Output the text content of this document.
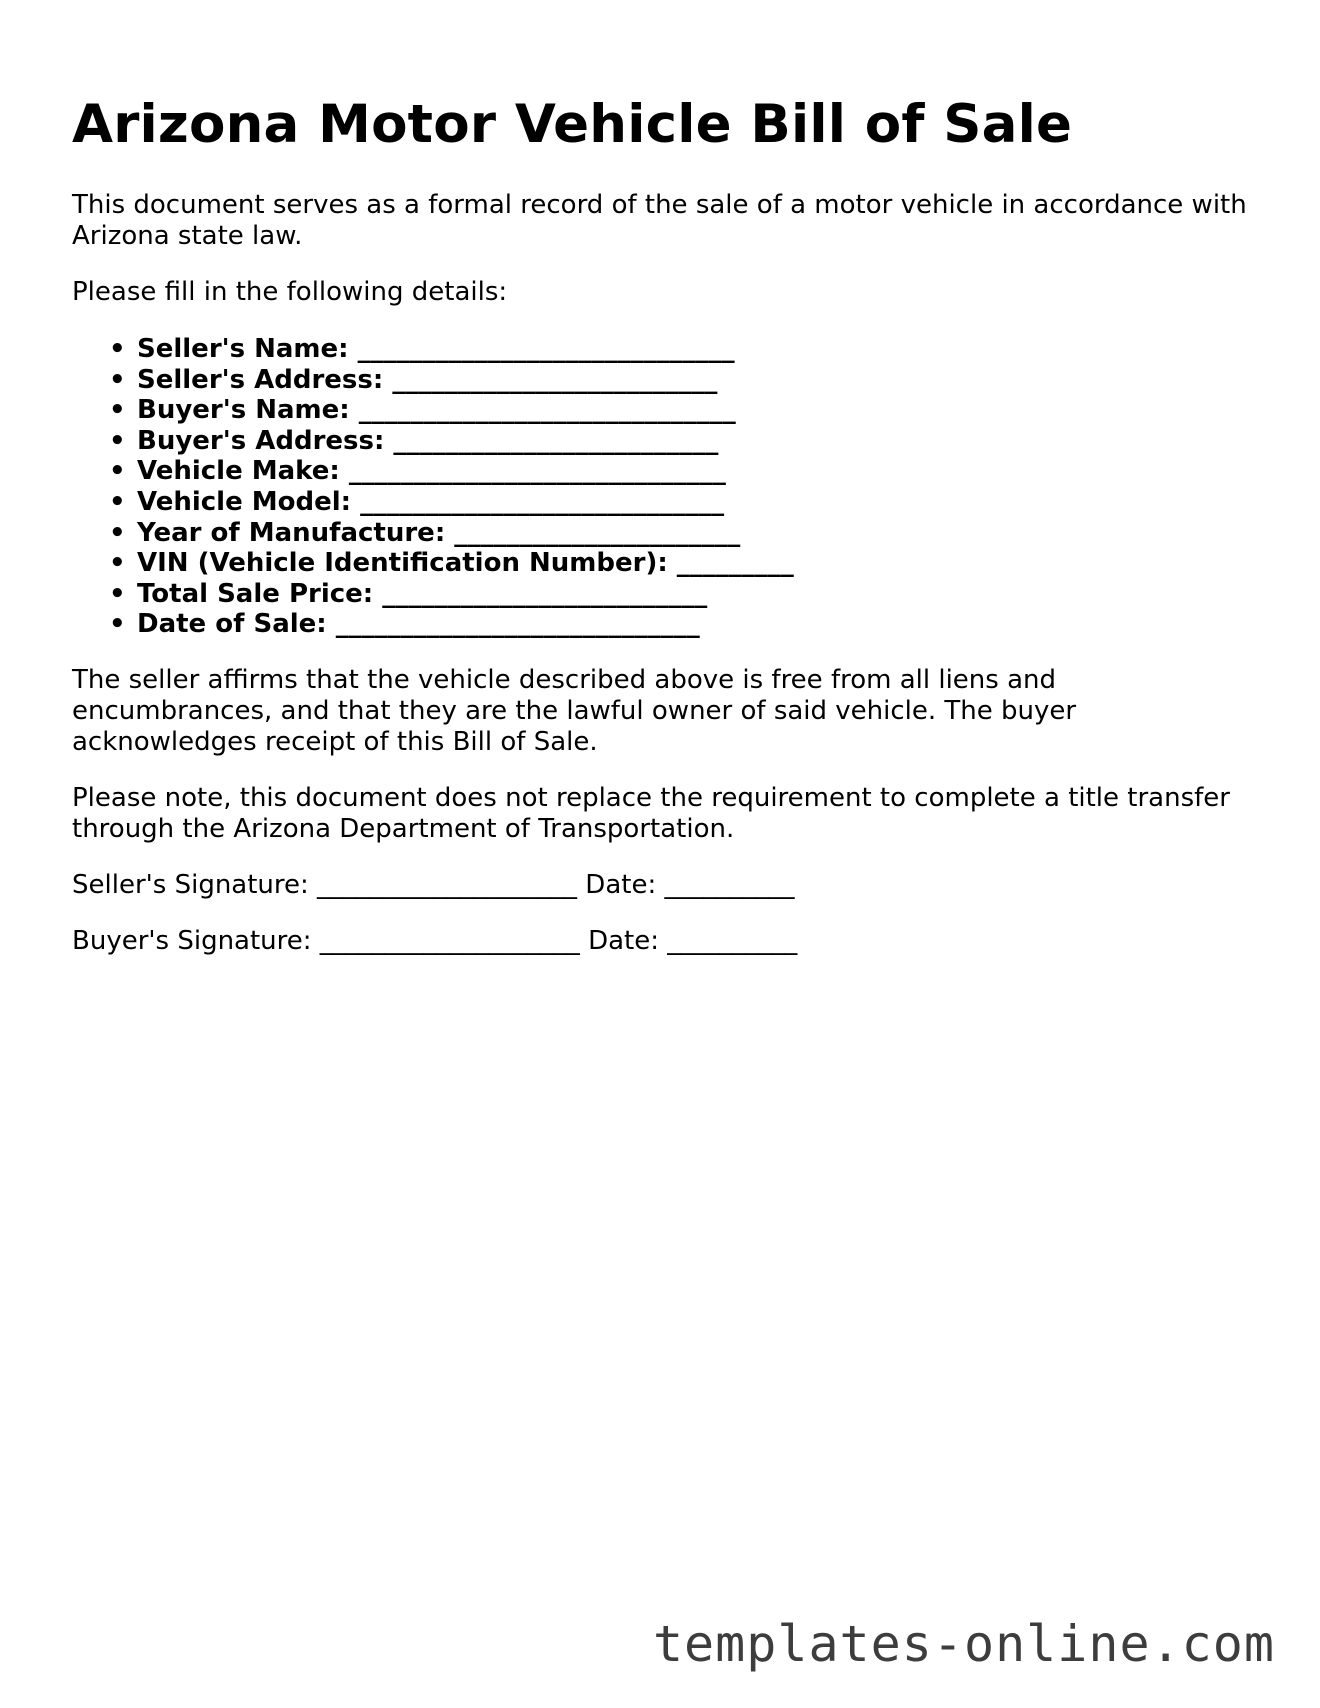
Arizona Motor Vehicle Bill of Sale

This document serves as a formal record of the sale of a motor vehicle in accordance with Arizona state law.

Please fill in the following details:

• Seller's Name: _____________________________
• Seller's Address: _________________________
• Buyer's Name: _____________________________
• Buyer's Address: _________________________
• Vehicle Make: _____________________________
• Vehicle Model: ____________________________
• Year of Manufacture: ______________________
• VIN (Vehicle Identification Number): _________
• Total Sale Price: _________________________
• Date of Sale: ____________________________

The seller affirms that the vehicle described above is free from all liens and encumbrances, and that they are the lawful owner of said vehicle. The buyer acknowledges receipt of this Bill of Sale.

Please note, this document does not replace the requirement to complete a title transfer through the Arizona Department of Transportation.

Seller's Signature: ____________________ Date: __________

Buyer's Signature: ____________________ Date: __________

templates-online.com
